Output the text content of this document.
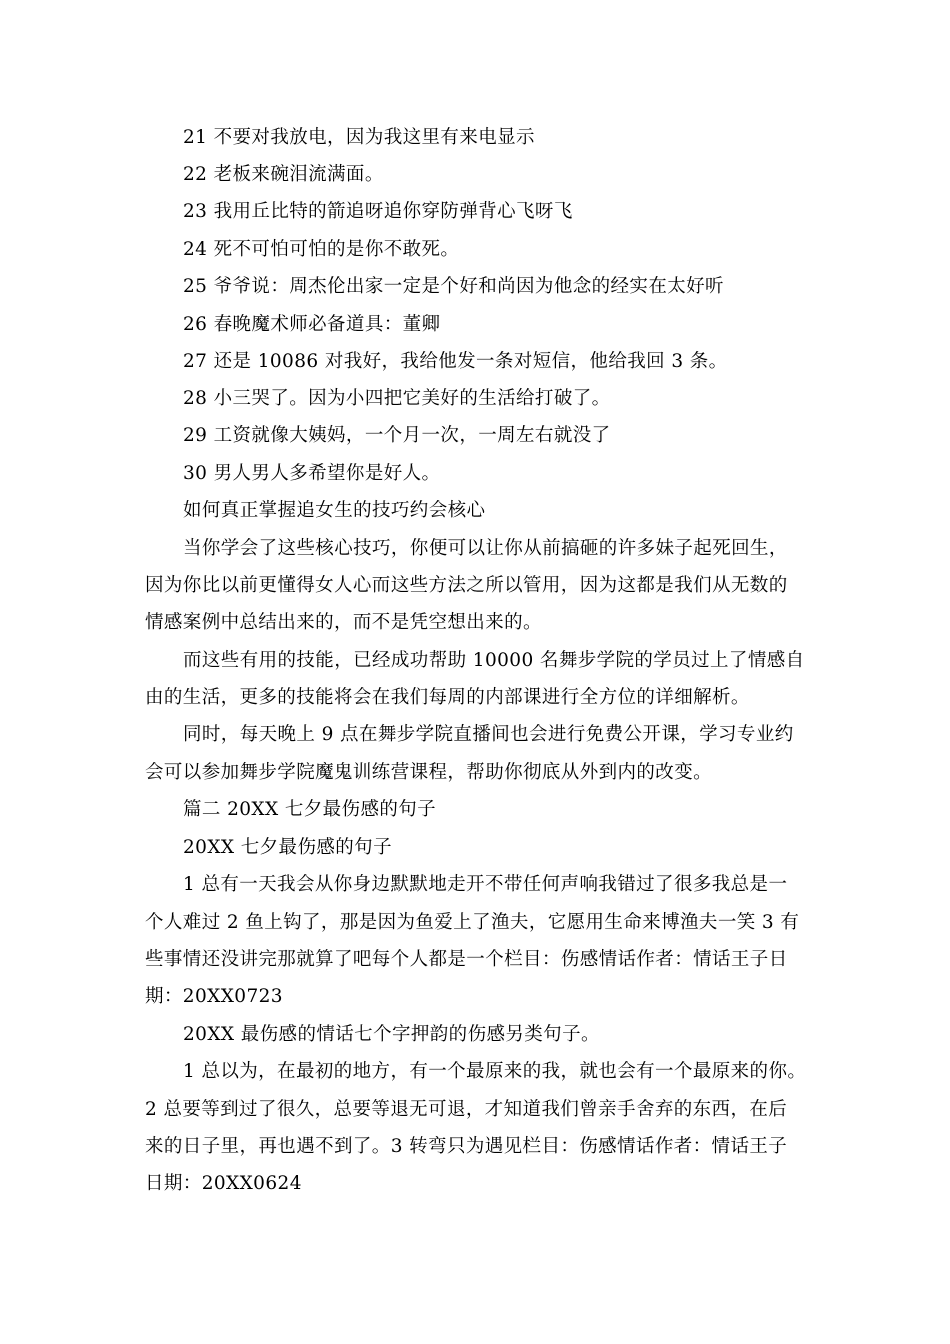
21 不要对我放电，因为我这里有来电显示
22 老板来碗泪流满面。
23 我用丘比特的箭追呀追你穿防弹背心飞呀飞
24 死不可怕可怕的是你不敢死。
25 爷爷说：周杰伦出家一定是个好和尚因为他念的经实在太好听
26 春晚魔术师必备道具：董卿
27 还是 10086 对我好，我给他发一条对短信，他给我回 3 条。
28 小三哭了。因为小四把它美好的生活给打破了。
29 工资就像大姨妈，一个月一次，一周左右就没了
30 男人男人多希望你是好人。
如何真正掌握追女生的技巧约会核心
当你学会了这些核心技巧，你便可以让你从前搞砸的许多妹子起死回生，
因为你比以前更懂得女人心而这些方法之所以管用，因为这都是我们从无数的
情感案例中总结出来的，而不是凭空想出来的。
而这些有用的技能，已经成功帮助 10000 名舞步学院的学员过上了情感自
由的生活，更多的技能将会在我们每周的内部课进行全方位的详细解析。
同时，每天晚上 9 点在舞步学院直播间也会进行免费公开课，学习专业约
会可以参加舞步学院魔鬼训练营课程，帮助你彻底从外到内的改变。
篇二 20XX 七夕最伤感的句子
20XX 七夕最伤感的句子
1 总有一天我会从你身边默默地走开不带任何声响我错过了很多我总是一
个人难过 2 鱼上钩了，那是因为鱼爱上了渔夫，它愿用生命来博渔夫一笑 3 有
些事情还没讲完那就算了吧每个人都是一个栏目：伤感情话作者：情话王子日
期：20XX0723
20XX 最伤感的情话七个字押韵的伤感另类句子。
1 总以为，在最初的地方，有一个最原来的我，就也会有一个最原来的你。
2 总要等到过了很久，总要等退无可退，才知道我们曾亲手舍弃的东西，在后
来的日子里，再也遇不到了。3 转弯只为遇见栏目：伤感情话作者：情话王子
日期：20XX0624
